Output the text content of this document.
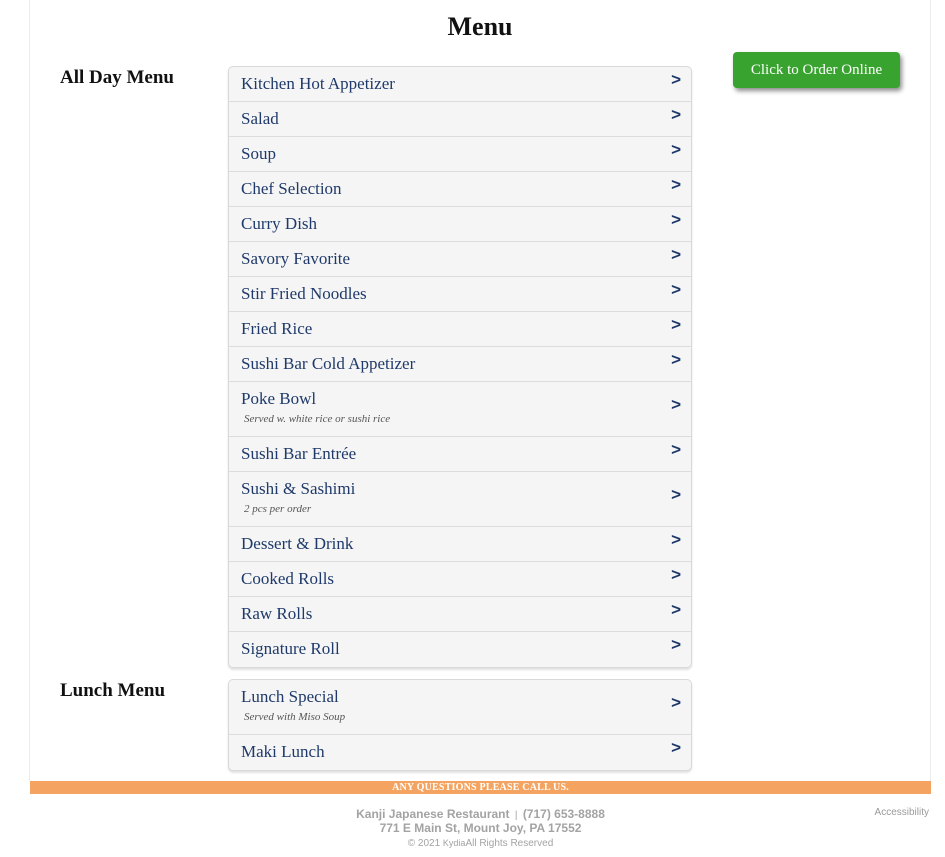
Menu
All Day Menu	Kitchen Hot Appetizer	>
Salad	>
Soup	>
Chef Selection	>
Curry Dish	>
Savory Favorite	>
Stir Fried Noodles	>
Fried Rice	>
Sushi Bar Cold Appetizer	>
Poke Bowl
Served w. white rice or sushi rice
>
Sushi Bar Entrée	>
Sushi & Sashimi
2 pcs per order
>
Dessert & Drink	>
Cooked Rolls	>
Raw Rolls	>
Signature Roll	>
Click to Order Online
Lunch Menu	Lunch Special
Served with Miso Soup
>
Maki Lunch	>
ANY QUESTIONS PLEASE CALL US.
Kanji Japanese Restaurant | (717) 653-8888
771 E Main St, Mount Joy, PA 17552
© 2021 KydiaAll Rights Reserved
Accessibility
